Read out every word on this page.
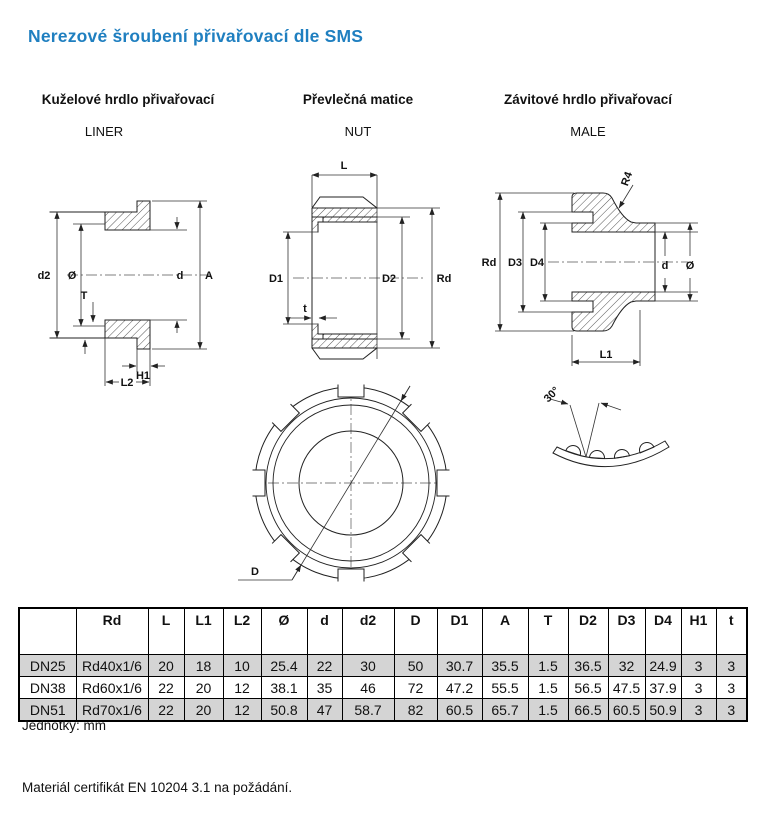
Nerezové šroubení přivařovací dle SMS
Kuželové hrdlo přivařovací	Převlečná matice	Závitové hrdlo přivařovací
LINER	NUT	MALE
d2 Ø
T
d A
H1
L2
L
D1	D2	Rd
t
Rd D3 D4	d Ø
R4
L1
D
30°
	Rd	L	L1	L2	Ø	d	d2	D	D1	A	T	D2	D3	D4	H1	t
DN25	Rd40x1/6	20	18	10	25.4	22	30	50	30.7	35.5	1.5	36.5	32	24.9	3	3
DN38	Rd60x1/6	22	20	12	38.1	35	46	72	47.2	55.5	1.5	56.5	47.5	37.9	3	3
DN51	Rd70x1/6	22	20	12	50.8	47	58.7	82	60.5	65.7	1.5	66.5	60.5	50.9	3	3
Jednotky: mm
Materiál certifikát EN 10204 3.1 na požádání.
